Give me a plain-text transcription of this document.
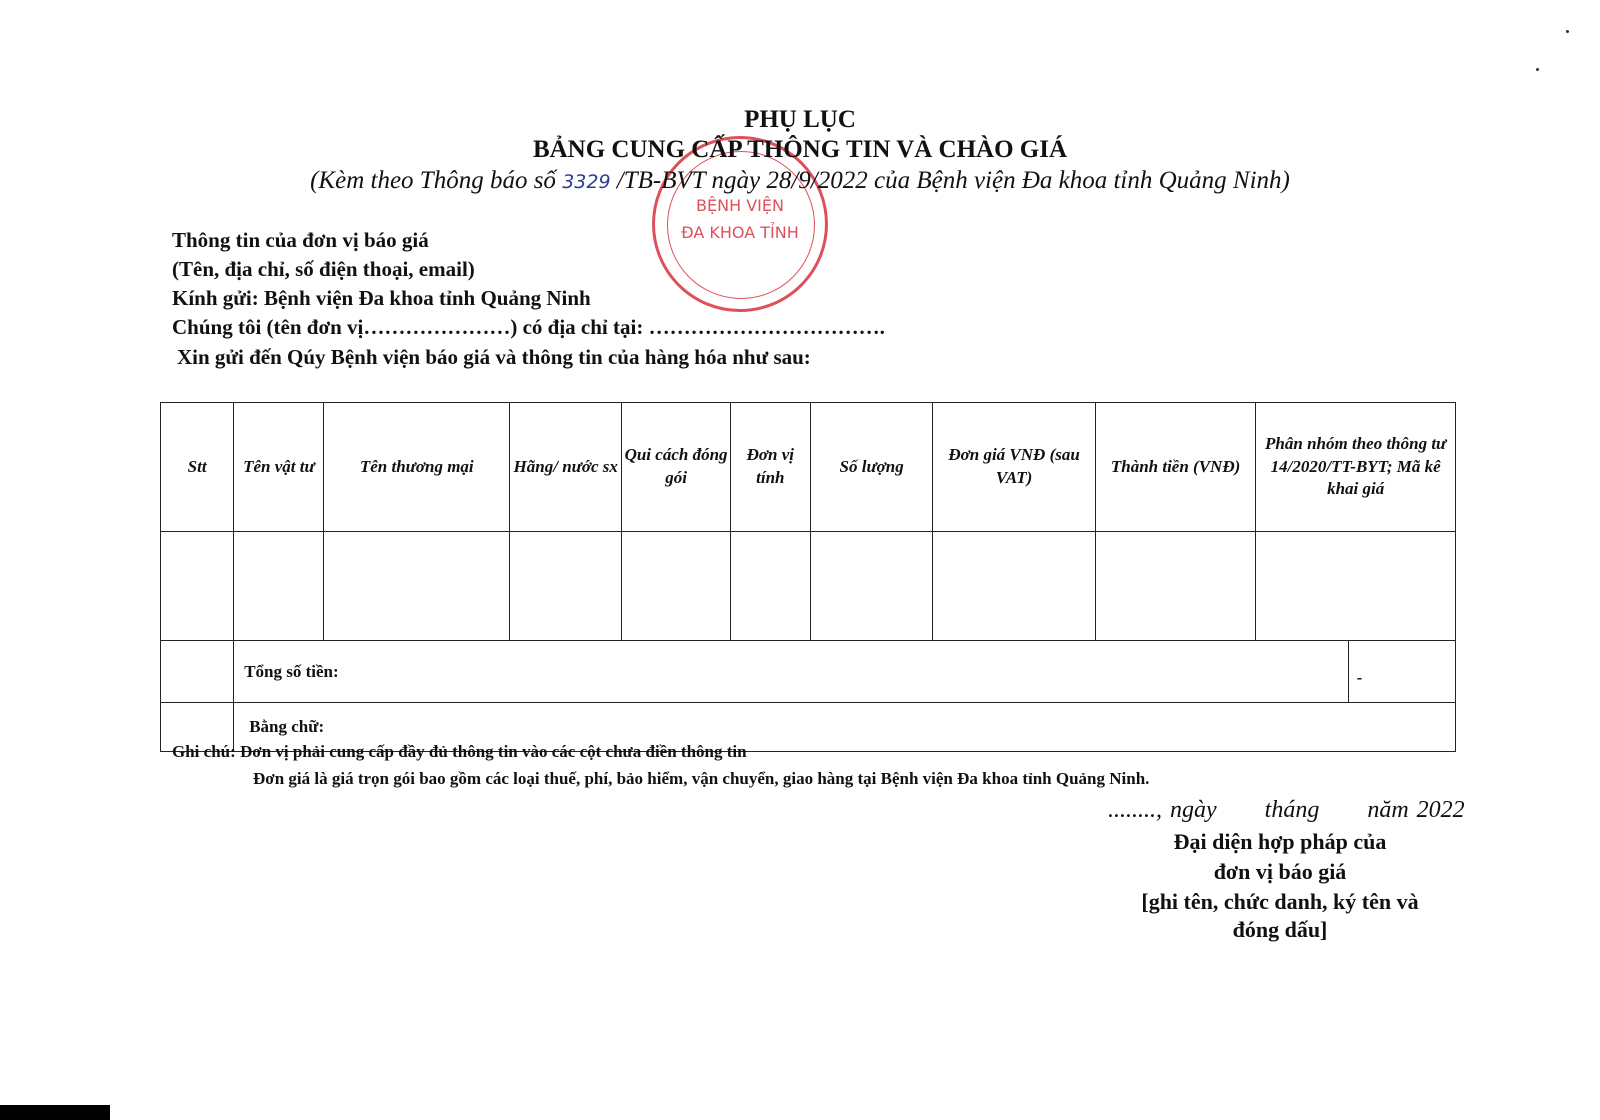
BỆNH VIỆN
ĐA KHOA TỈNH
PHỤ LỤC
BẢNG CUNG CẤP THÔNG TIN VÀ CHÀO GIÁ
(Kèm theo Thông báo số 3329 /TB-BVT ngày 28/9/2022 của Bệnh viện Đa khoa tỉnh Quảng Ninh)
Thông tin của đơn vị báo giá
(Tên, địa chỉ, số điện thoại, email)
Kính gửi: Bệnh viện Đa khoa tỉnh Quảng Ninh
Chúng tôi (tên đơn vị…………………) có địa chỉ tại: …………………………….
Xin gửi đến Qúy Bệnh viện báo giá và thông tin của hàng hóa như sau:
Stt	Tên vật tư	Tên thương mại	Hãng/ nước sx	Qui cách đóng gói	Đơn vị tính	Số lượng	Đơn giá VNĐ (sau VAT)	Thành tiền (VNĐ)	Phân nhóm theo thông tư 14/2020/TT-BYT; Mã kê khai giá	

	Tổng số tiền:									-
	Bằng chữ:									
Ghi chú: Đơn vị phải cung cấp đầy đủ thông tin vào các cột chưa điền thông tin
Đơn giá là giá trọn gói bao gồm các loại thuế, phí, bảo hiểm, vận chuyển, giao hàng tại Bệnh viện Đa khoa tỉnh Quảng Ninh.
........, ngày      tháng      năm 2022
Đại diện hợp pháp của
đơn vị báo giá
[ghi tên, chức danh, ký tên và
đóng dấu]
